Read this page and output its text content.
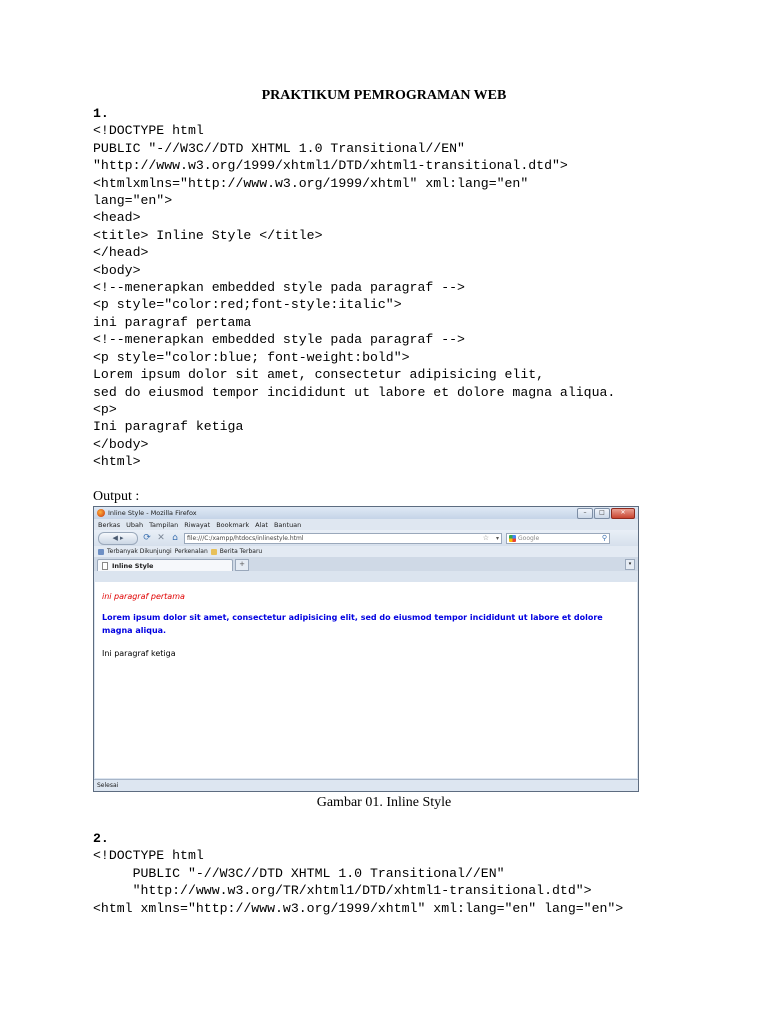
PRAKTIKUM PEMROGRAMAN WEB
1.
<!DOCTYPE html
PUBLIC "-//W3C//DTD XHTML 1.0 Transitional//EN"
"http://www.w3.org/1999/xhtml1/DTD/xhtml1-transitional.dtd">
<htmlxmlns="http://www.w3.org/1999/xhtml" xml:lang="en"
lang="en">
<head>
<title> Inline Style </title>
</head>
<body>
<!--menerapkan embedded style pada paragraf -->
<p style="color:red;font-style:italic">
ini paragraf pertama
<!--menerapkan embedded style pada paragraf -->
<p style="color:blue; font-weight:bold">
Lorem ipsum dolor sit amet, consectetur adipisicing elit,
sed do eiusmod tempor incididunt ut labore et dolore magna aliqua.
<p>
Ini paragraf ketiga
</body>
<html>
Output :
Inline Style - Mozilla Firefox	–	□	✕
Berkas Ubah Tampilan Riwayat Bookmark Alat Bantuan
◀ ▸	⟳ ✕ ⌂	file:///C:/xampp/htdocs/inlinestyle.html	☆ ▾	Google	⚲
Terbanyak Dikunjungi Perkenalan Berita Terbaru
Inline Style	+	▾

ini paragraf pertama

Lorem ipsum dolor sit amet, consectetur adipisicing elit, sed do eiusmod tempor incididunt ut labore et dolore magna aliqua.

Ini paragraf ketiga

Selesai
Gambar 01. Inline Style
2.
<!DOCTYPE html
PUBLIC "-//W3C//DTD XHTML 1.0 Transitional//EN"
"http://www.w3.org/TR/xhtml1/DTD/xhtml1-transitional.dtd">
<html xmlns="http://www.w3.org/1999/xhtml" xml:lang="en" lang="en">
